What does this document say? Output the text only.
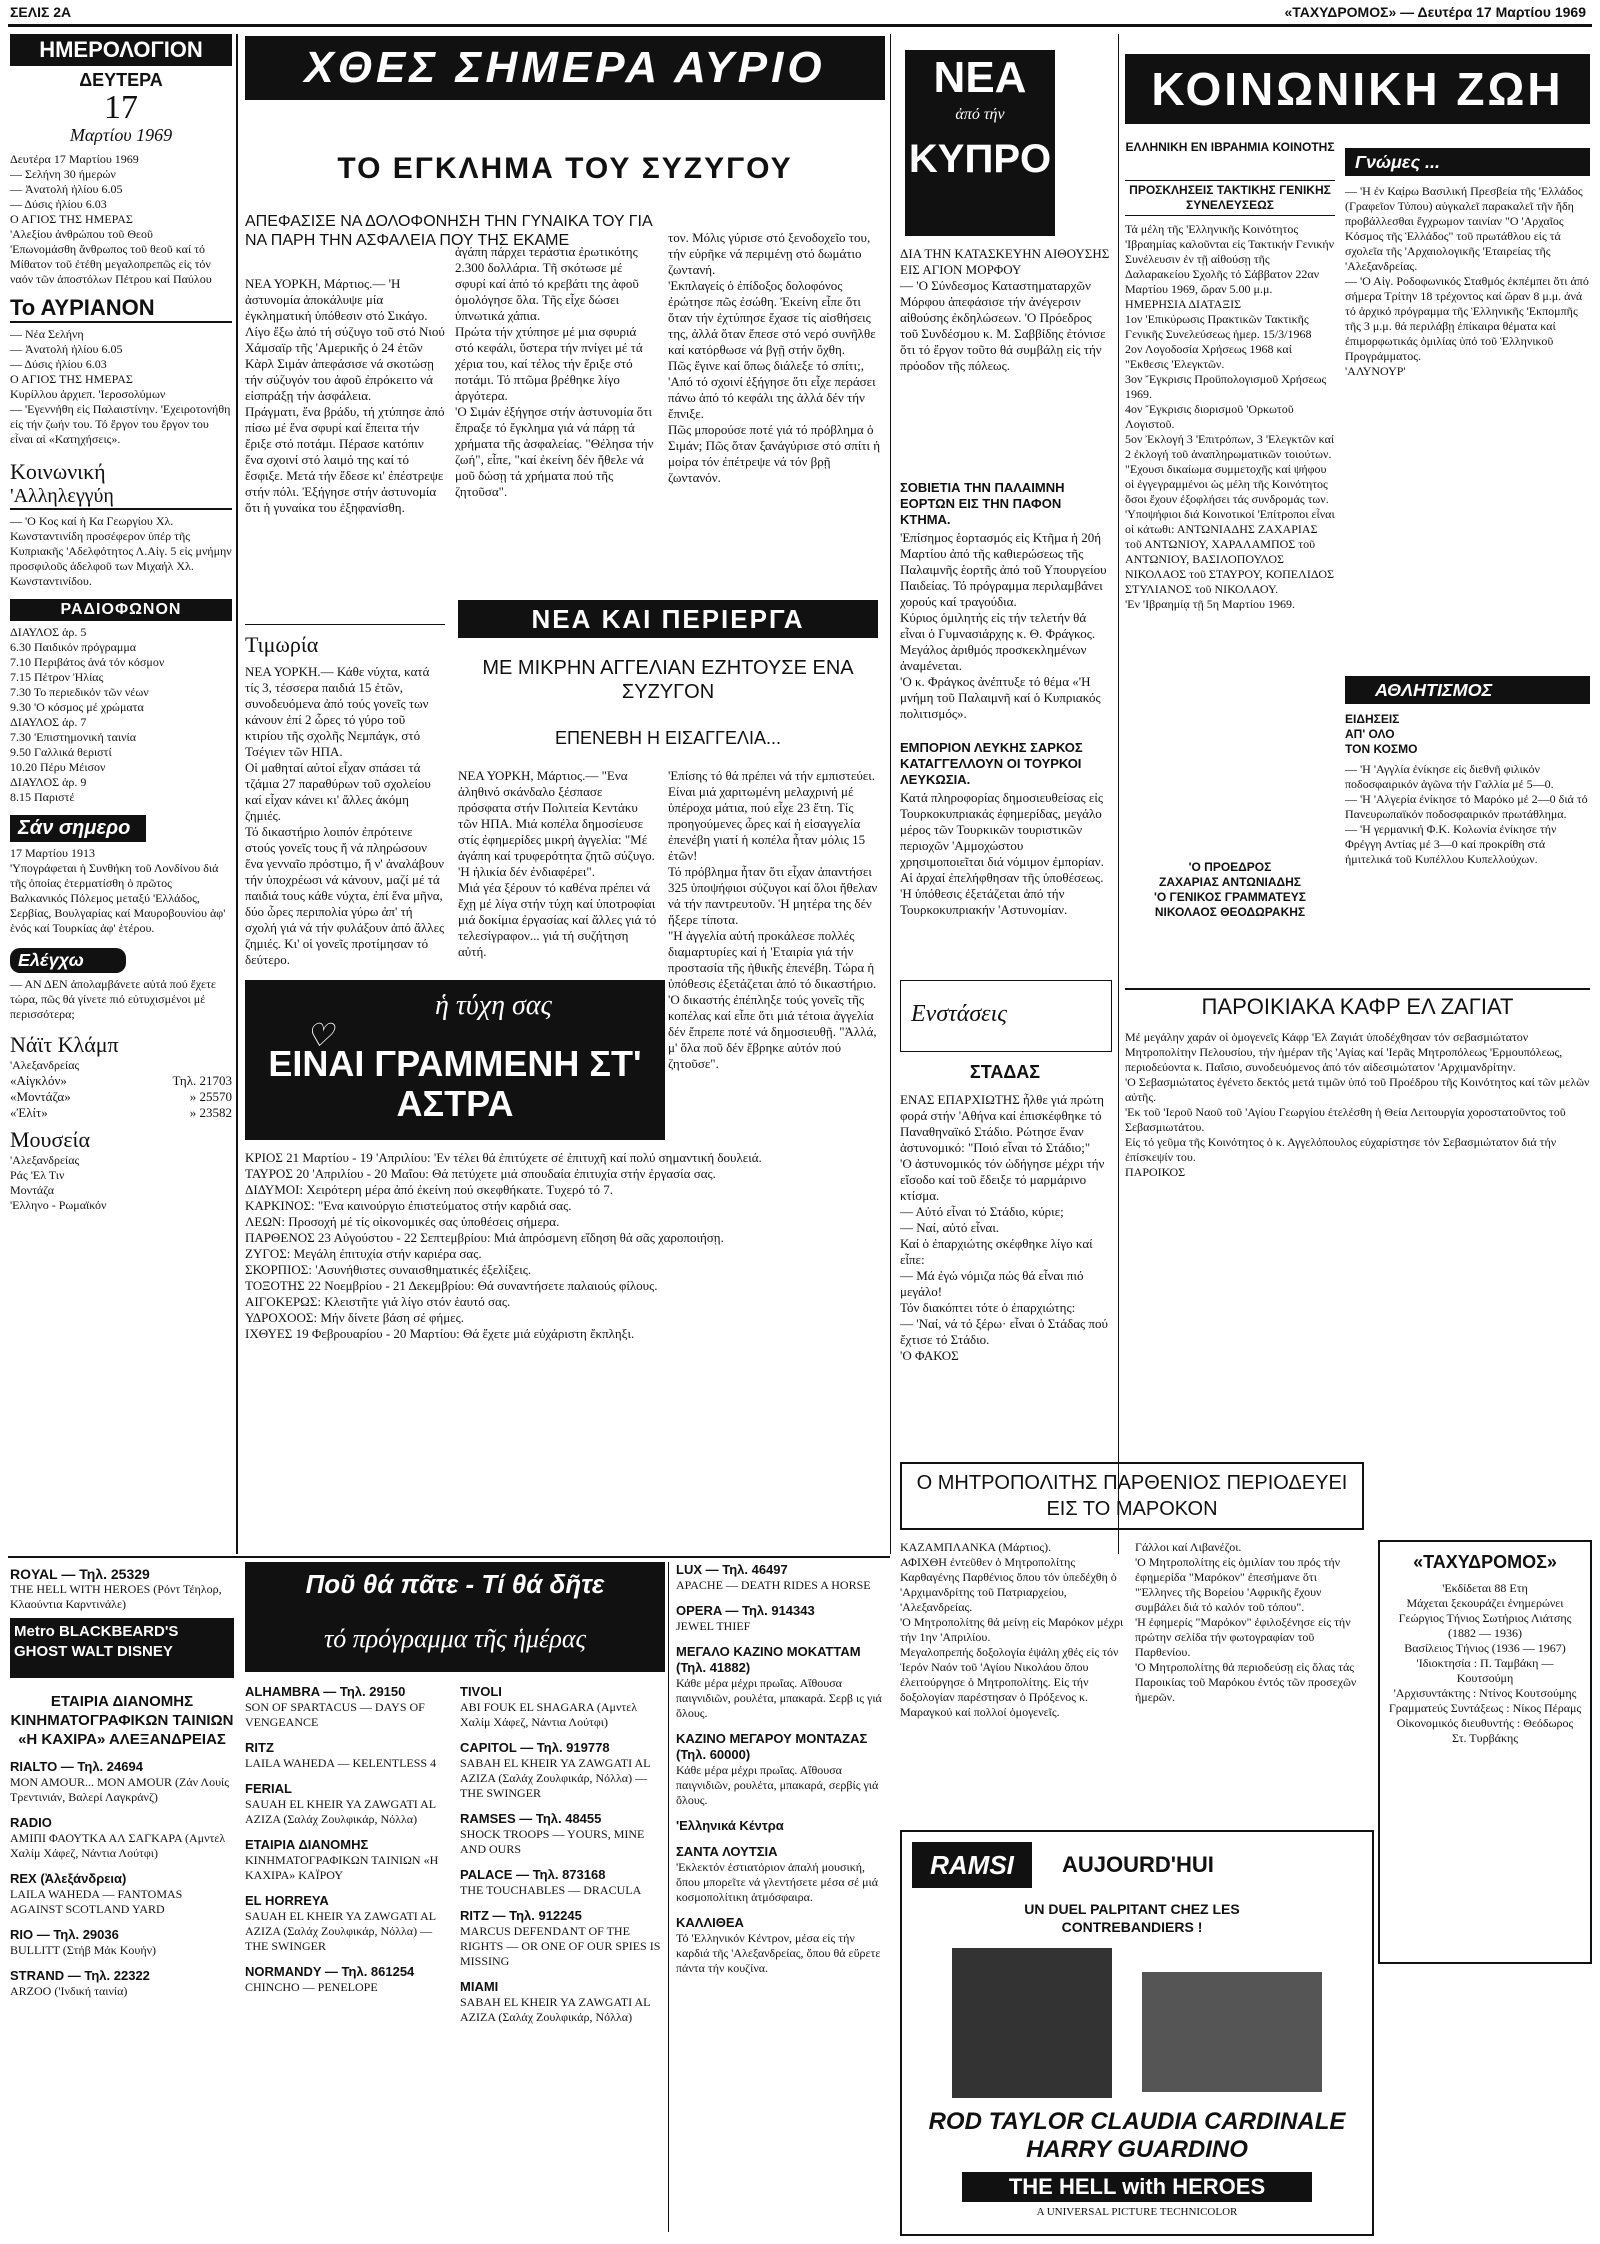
ΣΕΛΙΣ 2Α	«ΤΑΧΥΔΡΟΜΟΣ» — Δευτέρα 17 Μαρτίου 1969
ΗΜΕΡΟΛΟΓΙΟΝ
ΔΕΥΤΕΡΑ
17
Μαρτίου 1969
Δευτέρα 17 Μαρτίου 1969
— Σελήνη 30 ήμερών
— Ἀνατολή ἡλίου 6.05
— Δύσις ἡλίου 6.03
Ο ΑΓΙΟΣ ΤΗΣ ΗΜΕΡΑΣ
'Αλεξίου ἀνθρώπου τοῦ Θεοῦ
'Επωνομάσθη ἄνθρωπος τοῦ θεοῦ καί τό Μίθατον τοῦ ἐτέθη μεγαλοπρεπῶς εἰς τόν ναόν τῶν ἀποστόλων Πέτρου καί Παύλου
Το ΑΥΡΙΑΝΟΝ
— Νέα Σελήνη
— Ἀνατολή ἡλίου 6.05
— Δύσις ἡλίου 6.03
Ο ΑΓΙΟΣ ΤΗΣ ΗΜΕΡΑΣ
Κυρίλλου ἀρχιεπ. 'Ιεροσολύμων
— 'Εγεννήθη εἰς Παλαιστίνην. 'Εχειροτονήθη εἰς τήν ζωήν του. Τό ἔργον του ἔργον του εἶναι αἱ «Κατηχήσεις».
Κοινωνική
'Αλληλεγγύη
— 'Ο Κος καί ἡ Κα Γεωργίου Χλ. Κωνσταντινίδη προσέφερον ὑπέρ τῆς Κυπριακῆς 'Αδελφότητος Λ.Αἰγ. 5 εἰς μνήμην προσφιλοῦς ἀδελφοῦ των Μιχαήλ Χλ. Κωνσταντινίδου.
ΡΑΔΙΟΦΩΝΟΝ
ΔΙΑΥΛΟΣ ἀρ. 5
6.30 Παιδικόν πρόγραμμα
7.10 Περιβάτος ἀνά τόν κόσμον
7.15 Πέτρον Ἠλίας
7.30 Το περιεδικόν τῶν νέων
9.30 'Ο κόσμος μέ χρώματα
ΔΙΑΥΛΟΣ ἀρ. 7
7.30 'Επιστημονική ταινία
9.50 Γαλλικά θεριστί
10.20 Πέρυ Μέισον
ΔΙΑΥΛΟΣ ἀρ. 9
8.15 Παριστέ
Σάν σημερο
17 Μαρτίου 1913
'Υπογράφεται ἡ Συνθήκη τοῦ Λονδίνου διά τῆς ὁποίας ἐτερματίσθη ὁ πρῶτος Βαλκανικός Πόλεμος μεταξύ 'Ελλάδος, Σερβίας, Βουλγαρίας καί Μαυροβουνίου ἀφ' ἑνός καί Τουρκίας ἀφ' ἑτέρου.
Ελέγχω
— ΑΝ ΔΕΝ ἀπολαμβάνετε αὐτά πού ἔχετε τώρα, πῶς θά γίνετε πιό εὐτυχισμένοι μέ περισσότερα;
Νάϊτ Κλάμπ
'Αλεξανδρείας
«Αἰγκλόν»	Τηλ. 21703
«Μοντάζα»	» 25570
«Ἐλίτ»	» 23582
Μουσεία
'Αλεξανδρείας
Ράς 'Ελ Τιν
Μοντάζα
'Ελληνο - Ρωμαϊκόν
ΧΘΕΣ ΣΗΜΕΡΑ ΑΥΡΙΟ
ΤΟ ΕΓΚΛΗΜΑ ΤΟΥ ΣΥΖΥΓΟΥ
ΑΠΕΦΑΣΙΣΕ ΝΑ ΔΟΛΟΦΟΝΗΣΗ ΤΗΝ ΓΥΝΑΙΚΑ ΤΟΥ ΓΙΑ ΝΑ ΠΑΡΗ ΤΗΝ ΑΣΦΑΛΕΙΑ ΠΟΥ ΤΗΣ ΕΚΑΜΕ
ΝΕΑ ΥΟΡΚΗ, Μάρτιος.— 'Η ἀστυνομία ἀποκάλυψε μία ἐγκληματική ὑπόθεσιν στό Σικάγο. Λίγο ἔξω ἀπό τή σύζυγο τοῦ στό Νιού Χάμσαϊρ τῆς 'Αμερικῆς ὁ 24 ἐτῶν Κὰρλ Σιμάν ἀπεφάσισε νά σκοτώσῃ τήν σύζυγόν του ἀφοῦ ἐπρόκειτο νά εἰσπράξῃ τήν ἀσφάλεια.
Πράγματι, ἕνα βράδυ, τή χτύπησε ἀπό πίσω μέ ἕνα σφυρί καί ἔπειτα τήν ἔριξε στό ποτάμι. Πέρασε κατόπιν ἕνα σχοινί στό λαιμό της καί τό ἔσφιξε. Μετά τήν ἔδεσε κι' ἐπέστρεψε στήν πόλι. Ἐξήγησε στήν ἀστυνομία ὅτι ἡ γυναίκα του ἐξηφανίσθη.
ἀγάπη πάρχει τεράστια ἐρωτικότης 2.300 δολλάρια. Τῆ σκότωσε μέ σφυρί καί ἀπό τό κρεβάτι της ἀφοῦ ὁμολόγησε ὅλα. Τῆς εἶχε δώσει ὑπνωτικά χάπια.
Πρώτα τήν χτύπησε μέ μια σφυριά στό κεφάλι, ὕστερα τήν πνίγει μέ τά χέρια του, καί τέλος τήν ἔριξε στό ποτάμι. Τό πτῶμα βρέθηκε λίγο ἀργότερα.
'Ο Σιμάν ἐξήγησε στήν ἀστυνομία ὅτι ἔπραξε τό ἔγκλημα γιά νά πάρῃ τά χρήματα τῆς ἀσφαλείας. "Θέλησα τήν ζωή", εἶπε, "καί ἐκείνη δέν ἤθελε νά μοῦ δώσῃ τά χρήματα πού τῆς ζητοῦσα".
τον. Μόλις γύρισε στό ξενοδοχεῖο του, τήν εὑρῆκε νά περιμένῃ στό δωμάτιο ζωντανή.
'Εκπλαγείς ὁ ἐπίδοξος δολοφόνος ἐρώτησε πῶς ἐσώθη. Ἐκείνη εἶπε ὅτι ὅταν τήν ἐχτύπησε ἔχασε τίς αἰσθήσεις της, ἀλλά ὅταν ἔπεσε στό νερό συνῆλθε καί κατόρθωσε νά βγῇ στήν ὄχθη.
Πῶς ἔγινε καί ὅπως διάλεξε τό σπίτι;, 'Από τό σχοινί ἐξήγησε ὅτι εἶχε περάσει πάνω ἀπό τό κεφάλι της ἀλλά δέν τήν ἔπνιξε.
Πῶς μπορούσε ποτέ γιά τό πρόβλημα ὁ Σιμάν; Πῶς ὅταν ξανάγύρισε στό σπίτι ἡ μοίρα τόν ἐπέτρεψε νά τόν βρῇ ζωντανόν.
Τιμωρία
ΝΕΑ ΥΟΡΚΗ.— Κάθε νύχτα, κατά τίς 3, τέσσερα παιδιά 15 ἐτῶν, συνοδευόμενα ἀπό τούς γονεῖς των κάνουν ἐπί 2 ὧρες τό γύρο τοῦ κτιρίου τῆς σχολῆς Νεμπάγκ, στό Τσέγιεν τῶν ΗΠΑ.
Οἱ μαθηταί αὐτοί εἶχαν σπάσει τά τζάμια 27 παραθύρων τοῦ σχολείου καί εἶχαν κάνει κι' ἄλλες ἀκόμη ζημιές.
Τό δικαστήριο λοιπόν ἐπρότεινε στούς γονεῖς τους ἤ νά πληρώσουν ἕνα γενναῖο πρόστιμο, ἤ ν' ἀναλάβουν τήν ὑποχρέωσι νά κάνουν, μαζί μέ τά παιδιά τους κάθε νύχτα, ἐπί ἕνα μῆνα, δύο ὧρες περιπολία γύρω ἀπ' τή σχολή γιά νά τήν φυλάξουν ἀπό ἄλλες ζημιές. Κι' οἱ γονεῖς προτίμησαν τό δεύτερο.
ΝΕΑ ΚΑΙ ΠΕΡΙΕΡΓΑ
ΜΕ ΜΙΚΡΗΝ ΑΓΓΕΛΙΑΝ ΕΖΗΤΟΥΣΕ ΕΝΑ ΣΥΖΥΓΟΝ
ΕΠΕΝΕΒΗ Η ΕΙΣΑΓΓΕΛΙΑ...
ΝΕΑ ΥΟΡΚΗ, Μάρτιος.— "Ενα ἀληθινό σκάνδαλο ξέσπασε πρόσφατα στήν Πολιτεία Κεντάκυ τῶν ΗΠΑ. Μιά κοπέλα δημοσίευσε στίς ἐφημερίδες μικρή ἀγγελία: "Μέ ἀγάπη καί τρυφερότητα ζητῶ σύζυγο. 'Η ἡλικία δέν ἐνδιαφέρει".
Μιά γέα ξέρουν τό καθένα πρέπει νά ἔχῃ μέ λίγα στήν τύχη καί ὑποτροφίαι μιά δοκίμια ἐργασίας καί ἄλλες γιά τό τελεσίγραφον... γιά τή συζήτηση αὐτή.
'Επίσης τό θά πρέπει νά τήν εμπιστεύει. Είναι μιά χαριτωμένη μελαχρινή μέ ὑπέροχα μάτια, πού εἶχε 23 ἔτη. Τίς προηγούμενες ὧρες καί ἡ εἰσαγγελία ἐπενέβη γιατί ἡ κοπέλα ἦταν μόλις 15 ἐτῶν!
Τό πρόβλημα ἦταν ὅτι εἶχαν ἀπαντήσει 325 ὑποψήφιοι σύζυγοι καί ὅλοι ἤθελαν νά τήν παντρευτοῦν. Ἡ μητέρα της δέν ἤξερε τίποτα.
"Η ἀγγελία αὐτή προκάλεσε πολλές διαμαρτυρίες καί ἡ 'Εταιρία γιά τήν προστασία τῆς ἠθικῆς ἐπενέβη. Τώρα ἡ ὑπόθεσις ἐξετάζεται ἀπό τό δικαστήριο.
'Ο δικαστής ἐπέπληξε τούς γονεῖς τῆς κοπέλας καί εἶπε ὅτι μιά τέτοια ἀγγελία δέν ἔπρεπε ποτέ νά δημοσιευθῇ. "Ἀλλά, μ' ὅλα ποῦ δέν ἔβρηκε αὐτόν πού ζητοῦσε".
♡
ἡ τύχη σας
ΕΙΝΑΙ ΓΡΑΜΜΕΝΗ ΣΤ' ΑΣΤΡΑ
ΚΡΙΟΣ 21 Μαρτίου - 19 'Απριλίου: 'Εν τέλει θά ἐπιτύχετε σέ ἐπιτυχῆ καί πολύ σημαντική δουλειά.
ΤΑΥΡΟΣ 20 'Απριλίου - 20 Μαΐου: Θά πετύχετε μιά σπουδαία ἐπιτυχία στήν ἐργασία σας.
ΔΙΔΥΜΟΙ: Χειρότερη μέρα ἀπό ἐκείνη πού σκεφθήκατε. Τυχερό τό 7.
ΚΑΡΚΙΝΟΣ: "Ενα καινούργιο ἐπιστεύματος στήν καρδιά σας.
ΛΕΩΝ: Προσοχή μέ τίς οἰκονομικές σας ὑποθέσεις σήμερα.
ΠΑΡΘΕΝΟΣ 23 Αὐγούστου - 22 Σεπτεμβρίου: Μιά ἀπρόσμενη εἴδηση θά σᾶς χαροποιήσῃ.
ΖΥΓΟΣ: Μεγάλη ἐπιτυχία στήν καριέρα σας.
ΣΚΟΡΠΙΟΣ: 'Ασυνήθιστες συναισθηματικές ἐξελίξεις.
ΤΟΞΟΤΗΣ 22 Νοεμβρίου - 21 Δεκεμβρίου: Θά συναντήσετε παλαιούς φίλους.
ΑΙΓΟΚΕΡΩΣ: Κλειστῆτε γιά λίγο στόν ἑαυτό σας.
ΥΔΡΟΧΟΟΣ: Μήν δίνετε βάση σέ φήμες.
ΙΧΘΥΕΣ 19 Φεβρουαρίου - 20 Μαρτίου: Θά ἔχετε μιά εὐχάριστη ἔκπληξι.
ΝΕΑ
ἀπό τήν
ΚΥΠΡΟ
ΔΙΑ ΤΗΝ ΚΑΤΑΣΚΕΥΗΝ ΑΙΘΟΥΣΗΣ ΕΙΣ ΑΓΙΟΝ ΜΟΡΦΟΥ
— 'Ο Σύνδεσμος Καταστηματαρχῶν Μόρφου ἀπεφάσισε τήν ἀνέγερσιν αἰθούσης ἐκδηλώσεων. 'Ο Πρόεδρος τοῦ Συνδέσμου κ. Μ. Σαββίδης ἐτόνισε ὅτι τό ἔργον τοῦτο θά συμβάλῃ εἰς τήν πρόοδον τῆς πόλεως.
ΣΟΒΙΕΤΙΑ ΤΗΝ ΠΑΛΑΙΜΝΗ ΕΟΡΤΩΝ ΕΙΣ ΤΗΝ ΠΑΦΟΝ ΚΤΗΜΑ.
'Επίσημος ἑορτασμός εἰς Κτῆμα ἡ 20ή Μαρτίου ἀπό τῆς καθιερώσεως τῆς Παλαιμνῆς ἑορτῆς ἀπό τοῦ Υπουργείου Παιδείας. Τό πρόγραμμα περιλαμβάνει χορούς καί τραγούδια.
Κύριος ὁμιλητής εἰς τήν τελετήν θά εἶναι ὁ Γυμνασιάρχης κ. Θ. Φράγκος. Μεγάλος ἀριθμός προσκεκλημένων ἀναμένεται.
'Ο κ. Φράγκος ἀνέπτυξε τό θέμα «'Η μνήμη τοῦ Παλαιμνῆ καί ὁ Κυπριακός πολιτισμός».
ΕΜΠΟΡΙΟΝ ΛΕΥΚΗΣ ΣΑΡΚΟΣ ΚΑΤΑΓΓΕΛΛΟΥΝ ΟΙ ΤΟΥΡΚΟΙ ΛΕΥΚΩΣΙΑ.
Κατά πληροφορίας δημοσιευθείσας εἰς Τουρκοκυπριακάς ἐφημερίδας, μεγάλο μέρος τῶν Τουρκικῶν τουριστικῶν περιοχῶν 'Αμμοχώστου χρησιμοποιεῖται διά νόμιμον ἐμπορίαν. Αἱ ἀρχαί ἐπελήφθησαν τῆς ὑποθέσεως.
'Η ὑπόθεσις ἐξετάζεται ἀπό τήν Τουρκοκυπριακήν 'Αστυνομίαν.
Ενστάσεις
ΣΤΑΔΑΣ
ΕΝΑΣ ΕΠΑΡΧΙΩΤΗΣ ἦλθε γιά πρώτη φορά στήν 'Αθήνα καί ἐπισκέφθηκε τό Παναθηναϊκό Στάδιο. Ρώτησε ἕναν ἀστυνομικό: "Ποιό εἶναι τό Στάδιο;"
'Ο ἀστυνομικός τόν ὡδήγησε μέχρι τήν εἴσοδο καί τοῦ ἔδειξε τό μαρμάρινο κτίσμα.
— Αὐτό εἶναι τό Στάδιο, κύριε;
— Ναί, αὐτό εἶναι.
Καί ὁ ἐπαρχιώτης σκέφθηκε λίγο καί εἶπε:
— Μά ἐγώ νόμιζα πώς θά εἶναι πιό μεγάλο!
Τόν διακόπτει τότε ὁ ἐπαρχιώτης:
— 'Ναί, νά τό ξέρω· εἶναι ὁ Στάδας πού ἔχτισε τό Στάδιο.
'Ο ΦΑΚΟΣ
ΚΟΙΝΩΝΙΚΗ ΖΩΗ
ΕΛΛΗΝΙΚΗ ΕΝ ΙΒΡΑΗΜΙΑ ΚΟΙΝΟΤΗΣ
ΠΡΟΣΚΛΗΣΕΙΣ ΤΑΚΤΙΚΗΣ ΓΕΝΙΚΗΣ ΣΥΝΕΛΕΥΣΕΩΣ
Τά μέλη τῆς 'Ελληνικῆς Κοινότητος 'Ιβραημίας καλοῦνται εἰς Τακτικήν Γενικήν Συνέλευσιν ἐν τῇ αἰθούσῃ τῆς Δαλαρακείου Σχολῆς τό Σάββατον 22αν Μαρτίου 1969, ὥραν 5.00 μ.μ.
ΗΜΕΡΗΣΙΑ ΔΙΑΤΑΞΙΣ
1ον 'Επικύρωσις Πρακτικῶν Τακτικῆς Γενικῆς Συνελεύσεως ἡμερ. 15/3/1968
2ον Λογοδοσία Χρήσεως 1968 καί "Εκθεσις 'Ελεγκτῶν.
3ον Ἔγκρισις Προϋπολογισμοῦ Χρήσεως 1969.
4ον Ἔγκρισις διορισμοῦ 'Ορκωτοῦ Λογιστοῦ.
5ον Ἐκλογή 3 'Επιτρόπων, 3 'Ελεγκτῶν καί 2 ἐκλογή τοῦ ἀναπληρωματικῶν τοιούτων.
"Εχουσι δικαίωμα συμμετοχῆς καί ψήφου οἱ ἐγγεγραμμένοι ὡς μέλη τῆς Κοινότητος ὅσοι ἔχουν ἐξοφλήσει τάς συνδρομάς των.
'Υποψήφιοι διά Κοινοτικοί 'Επίτροποι εἶναι οἱ κάτωθι: ΑΝΤΩΝΙΑΔΗΣ ΖΑΧΑΡΙΑΣ τοῦ ΑΝΤΩΝΙΟΥ, ΧΑΡΑΛΑΜΠΟΣ τοῦ ΑΝΤΩΝΙΟΥ, ΒΑΣΙΛΟΠΟΥΛΟΣ ΝΙΚΟΛΑΟΣ τοῦ ΣΤΑΥΡΟΥ, ΚΟΠΕΛΙΔΟΣ ΣΤΥΛΙΑΝΟΣ τοῦ ΝΙΚΟΛΑΟΥ.
'Εν 'Ιβραημίᾳ τῇ 5η Μαρτίου 1969.
'Ο ΠΡΟΕΔΡΟΣ
ΖΑΧΑΡΙΑΣ ΑΝΤΩΝΙΑΔΗΣ
'Ο ΓΕΝΙΚΟΣ ΓΡΑΜΜΑΤΕΥΣ
ΝΙΚΟΛΑΟΣ ΘΕΟΔΩΡΑΚΗΣ
Γνώμες ...
— 'Η ἐν Κα̣ίρω Βασιλική Πρεσβεία τῆς 'Ελλάδος (Γραφεῖον Τύπου) αὐγκαλεῖ παρακαλεῖ τῆν ἤδη προβάλλεσθαι ἔγχρωμον ταινίαν "Ο 'Αρχαῖος Κόσμος τῆς Ἑλλάδος" τοῦ πρωτάθλου εἰς τά σχολεῖα τῆς 'Αρχαιολογικῆς 'Εταιρείας τῆς 'Αλεξανδρείας.
— 'Ο Αἰγ. Ροδοφωνικός Σταθμός ἐκπέμπει ὅτι ἀπό σήμερα Τρίτην 18 τρέχοντος καί ὥραν 8 μ.μ. ἀνά τό ἀρχικό πρόγραμμα τῆς Ἑλληνικῆς 'Εκπομπῆς τῆς 3 μ.μ. θά περιλάβῃ ἐπίκαιρα θέματα καί ἐπιμορφωτικάς ὁμιλίας ὑπό τοῦ Ἑλληνικοῦ Προγράμματος.
'ΑΛΥΝΟΥΡ'
ΑΘΛΗΤΙΣΜΟΣ
ΕΙΔΗΣΕΙΣ
ΑΠ' ΟΛΟ
ΤΟΝ ΚΟΣΜΟ
— 'Η 'Αγγλία ἐνίκησε εἰς διεθνῆ φιλικόν ποδοσφαιρικόν ἀγῶνα τήν Γαλλία μέ 5—0.
— 'Η 'Αλγερία ἐνίκησε τό Μαρόκο μέ 2—0 διά τό Πανευρωπαϊκόν ποδοσφαιρικόν πρωτάθλημα.
— 'Η γερμανική Φ.Κ. Κολωνία ἐνίκησε τήν Φρέγγη Αντίας μέ 3—0 καί προκρίθη στά ἡμιτελικά τοῦ Κυπέλλου Κυπελλούχων.
ΠΑΡΟΙΚΙΑΚΑ ΚΑΦΡ ΕΛ ΖΑΓΙΑΤ
Μέ μεγάλην χαράν οἱ ὁμογενεῖς Κάφρ 'Ελ Ζαγιάτ ὑποδέχθησαν τόν σεβασμιώτατον Μητροπολίτην Πελουσίου, τήν ἡμέραν τῆς 'Αγίας καί 'Ιερᾶς Μητροπόλεως 'Ερμουπόλεως, περιοδεύοντα κ. Παΐσιο, συνοδευόμενος ἀπό τόν αἰδεσιμώτατον 'Αρχιμανδρίτην.
'Ο Σεβασμιώτατος ἐγένετο δεκτός μετά τιμῶν ὑπό τοῦ Προέδρου τῆς Κοινότητος καί τῶν μελῶν αὐτῆς.
'Εκ τοῦ 'Ιεροῦ Ναοῦ τοῦ 'Αγίου Γεωργίου ἐτελέσθη ἡ Θεία Λειτουργία χοροστατοῦντος τοῦ Σεβασμιωτάτου.
Εἰς τό γεῦμα τῆς Κοινότητος ὁ κ. Αγγελόπουλος εὐχαρίστησε τόν Σεβασμιώτατον διά τήν ἐπίσκεψίν του.
ΠΑΡΟΙΚΟΣ
Ο ΜΗΤΡΟΠΟΛΙΤΗΣ ΠΑΡΘΕΝΙΟΣ ΠΕΡΙΟΔΕΥΕΙ ΕΙΣ ΤΟ ΜΑΡΟΚΟΝ
ΚΑΖΑΜΠΛΑΝΚΑ (Μάρτιος).
ΑΦΙΧΘΗ ἐντεῦθεν ὁ Μητροπολίτης Καρθαγένης Παρθένιος ὅπου τόν ὑπεδέχθη ὁ 'Αρχιμανδρίτης τοῦ Πατριαρχείου, 'Αλεξανδρείας.
'Ο Μητροπολίτης θά μείνῃ εἰς Μαρόκον μέχρι τήν 1ην 'Απριλίου.
Μεγαλοπρεπής δοξολογία ἐψάλη χθές εἰς τόν Ἱερόν Ναόν τοῦ 'Αγίου Νικολάου ὅπου ἐλειτούργησε ὁ Μητροπολίτης. Εἰς τήν δοξολογίαν παρέστησαν ὁ Πρόξενος κ. Μαραγκού καί πολλοί ὁμογενεῖς.
Γάλλοι καί Λιβανέζοι.
'Ο Μητροπολίτης εἰς ὁμιλίαν του πρός τήν ἐφημερίδα "Μαρόκον" ἐπεσήμανε ὅτι "Ἑλληνες τῆς Βορείου 'Αφρικῆς ἔχουν συμβάλει διά τό καλόν τοῦ τόπου".
'Η ἐφημερίς "Μαρόκον" ἐφιλοξένησε εἰς τήν πρώτην σελίδα τήν φωτογραφίαν τοῦ Παρθενίου.
'Ο Μητροπολίτης θά περιοδεύσῃ εἰς ὅλας τάς Παροικίας τοῦ Μαρόκου ἐντός τῶν προσεχῶν ἡμερῶν.
«ΤΑΧΥΔΡΟΜΟΣ»
'Εκδίδεται 88 Ετη
Μάχεται ξεκουράζει ἐνημερώνει
Γεώργιος Τήνιος Σωτήριος Λιάτσης (1882 — 1936)
Βασίλειος Τήνιος (1936 — 1967)
'Ιδιοκτησία : Π. Ταμβάκη — Κουτσούμη
'Αρχισυντάκτης : Ντίνος Κουτσούμης
Γραμματεύς Συντάξεως : Νίκος Πέραμς
Οἰκονομικός διευθυντής : Θεόδωρος Στ. Τυρβάκης
RAMSI	AUJOURD'HUI
UN DUEL PALPITANT CHEZ LES CONTREBANDIERS !
ROD TAYLOR CLAUDIA CARDINALE HARRY GUARDINO
THE HELL with HEROES
A UNIVERSAL PICTURE TECHNICOLOR
Ποῦ θά πᾶτε - Τί θά δῆτε
τό πρόγραμμα τῆς ἡμέρας
ROYAL — Τηλ. 25329
THE HELL WITH HEROES (Ρόντ Τέηλορ, Κλαούντια Καρντινάλε)
Metro BLACKBEARD'S GHOST WALT DISNEY
ΕΤΑΙΡΙΑ ΔΙΑΝΟΜΗΣ ΚΙΝΗΜΑΤΟΓΡΑΦΙΚΩΝ ΤΑΙΝΙΩΝ «Η ΚΑΧΙΡΑ» ΑΛΕΞΑΝΔΡΕΙΑΣ
RIALTO — Τηλ. 24694
MON AMOUR... MON AMOUR (Ζάν Λουίς Τρεντινιάν, Βαλερί Λαγκράνζ)
RADIO
ΑΜΙΠΙ ΦΑΟΥΤΚΑ ΑΛ ΣΑΓΚΑΡΑ (Αμντελ Χαλίμ Χάφεζ, Νάντια Λούτφι)
REX (Ἀλεξάνδρεια)
LAILA WAHEDA — FANTOMAS AGAINST SCOTLAND YARD
RIO — Τηλ. 29036
BULLITT (Στήβ Μάκ Κουήν)
STRAND — Τηλ. 22322
ARZOO ('Ινδική ταινία)
ALHAMBRA — Τηλ. 29150
SON OF SPARTACUS — DAYS OF VENGEANCE
RITZ
LAILA WAHEDA — KELENTLESS 4
FERIAL
SAUAH EL KHEIR YA ZAWGATI AL AZIZA (Σαλάχ Ζουλφικάρ, Νόλλα)
ΕΤΑΙΡΙΑ ΔΙΑΝΟΜΗΣ
ΚΙΝΗΜΑΤΟΓΡΑΦΙΚΩΝ ΤΑΙΝΙΩΝ «Η ΚΑΧΙΡΑ» ΚΑΪΡΟΥ
EL HORREYA
SAUAH EL KHEIR YA ZAWGATI AL AZIZA (Σαλάχ Ζουλφικάρ, Νόλλα) — THE SWINGER
NORMANDY — Τηλ. 861254
CHINCHO — PENELOPE
TIVOLI
ABI FOUK EL SHAGARA (Αμντελ Χαλίμ Χάφεζ, Νάντια Λούτφι)
CAPITOL — Τηλ. 919778
SABAH EL KHEIR YA ZAWGATI AL AZIZA (Σαλάχ Ζουλφικάρ, Νόλλα) — THE SWINGER
RAMSES — Τηλ. 48455
SHOCK TROOPS — YOURS, MINE AND OURS
PALACE — Τηλ. 873168
THE TOUCHABLES — DRACULA
RITZ — Τηλ. 912245
MARCUS DEFENDANT OF THE RIGHTS — OR ONE OF OUR SPIES IS MISSING
MIAMI
SABAH EL KHEIR YA ZAWGATI AL AZIZA (Σαλάχ Ζουλφικάρ, Νόλλα)
LUX — Τηλ. 46497
APACHE — DEATH RIDES A HORSE
OPERA — Τηλ. 914343
JEWEL THIEF
ΜΕΓΑΛΟ ΚΑΖΙΝΟ ΜΟΚΑΤΤΑΜ (Τηλ. 41882)
Κάθε μέρα μέχρι πρωΐας. Αἴθουσα παιγνιδιῶν, ρουλέτα, μπακαρά. Σερβ ις γιά ὅλους.
ΚΑΖΙΝΟ ΜΕΓΑΡΟΥ ΜΟΝΤΑΖΑΣ (Τηλ. 60000)
Κάθε μέρα μέχρι πρωΐας. Αἴθουσα παιγνιδιῶν, ρουλέτα, μπακαρά, σερβίς γιά ὅλους.
'Ελληνικά Κέντρα
ΣΑΝΤΑ ΛΟΥΤΣΙΑ
'Εκλεκτόν ἑστιατόριον ἀπαλή μουσική, ὅπου μπορεῖτε νά γλεντήσετε μέσα σέ μιά κοσμοπολίτικη ἀτμόσφαιρα.
ΚΑΛΛΙΘΕΑ
Τό 'Ελληνικόν Κέντρον, μέσα εἰς τήν καρδιά τῆς 'Αλεξανδρείας, ὅπου θά εὕρετε πάντα τήν κουζίνα.
